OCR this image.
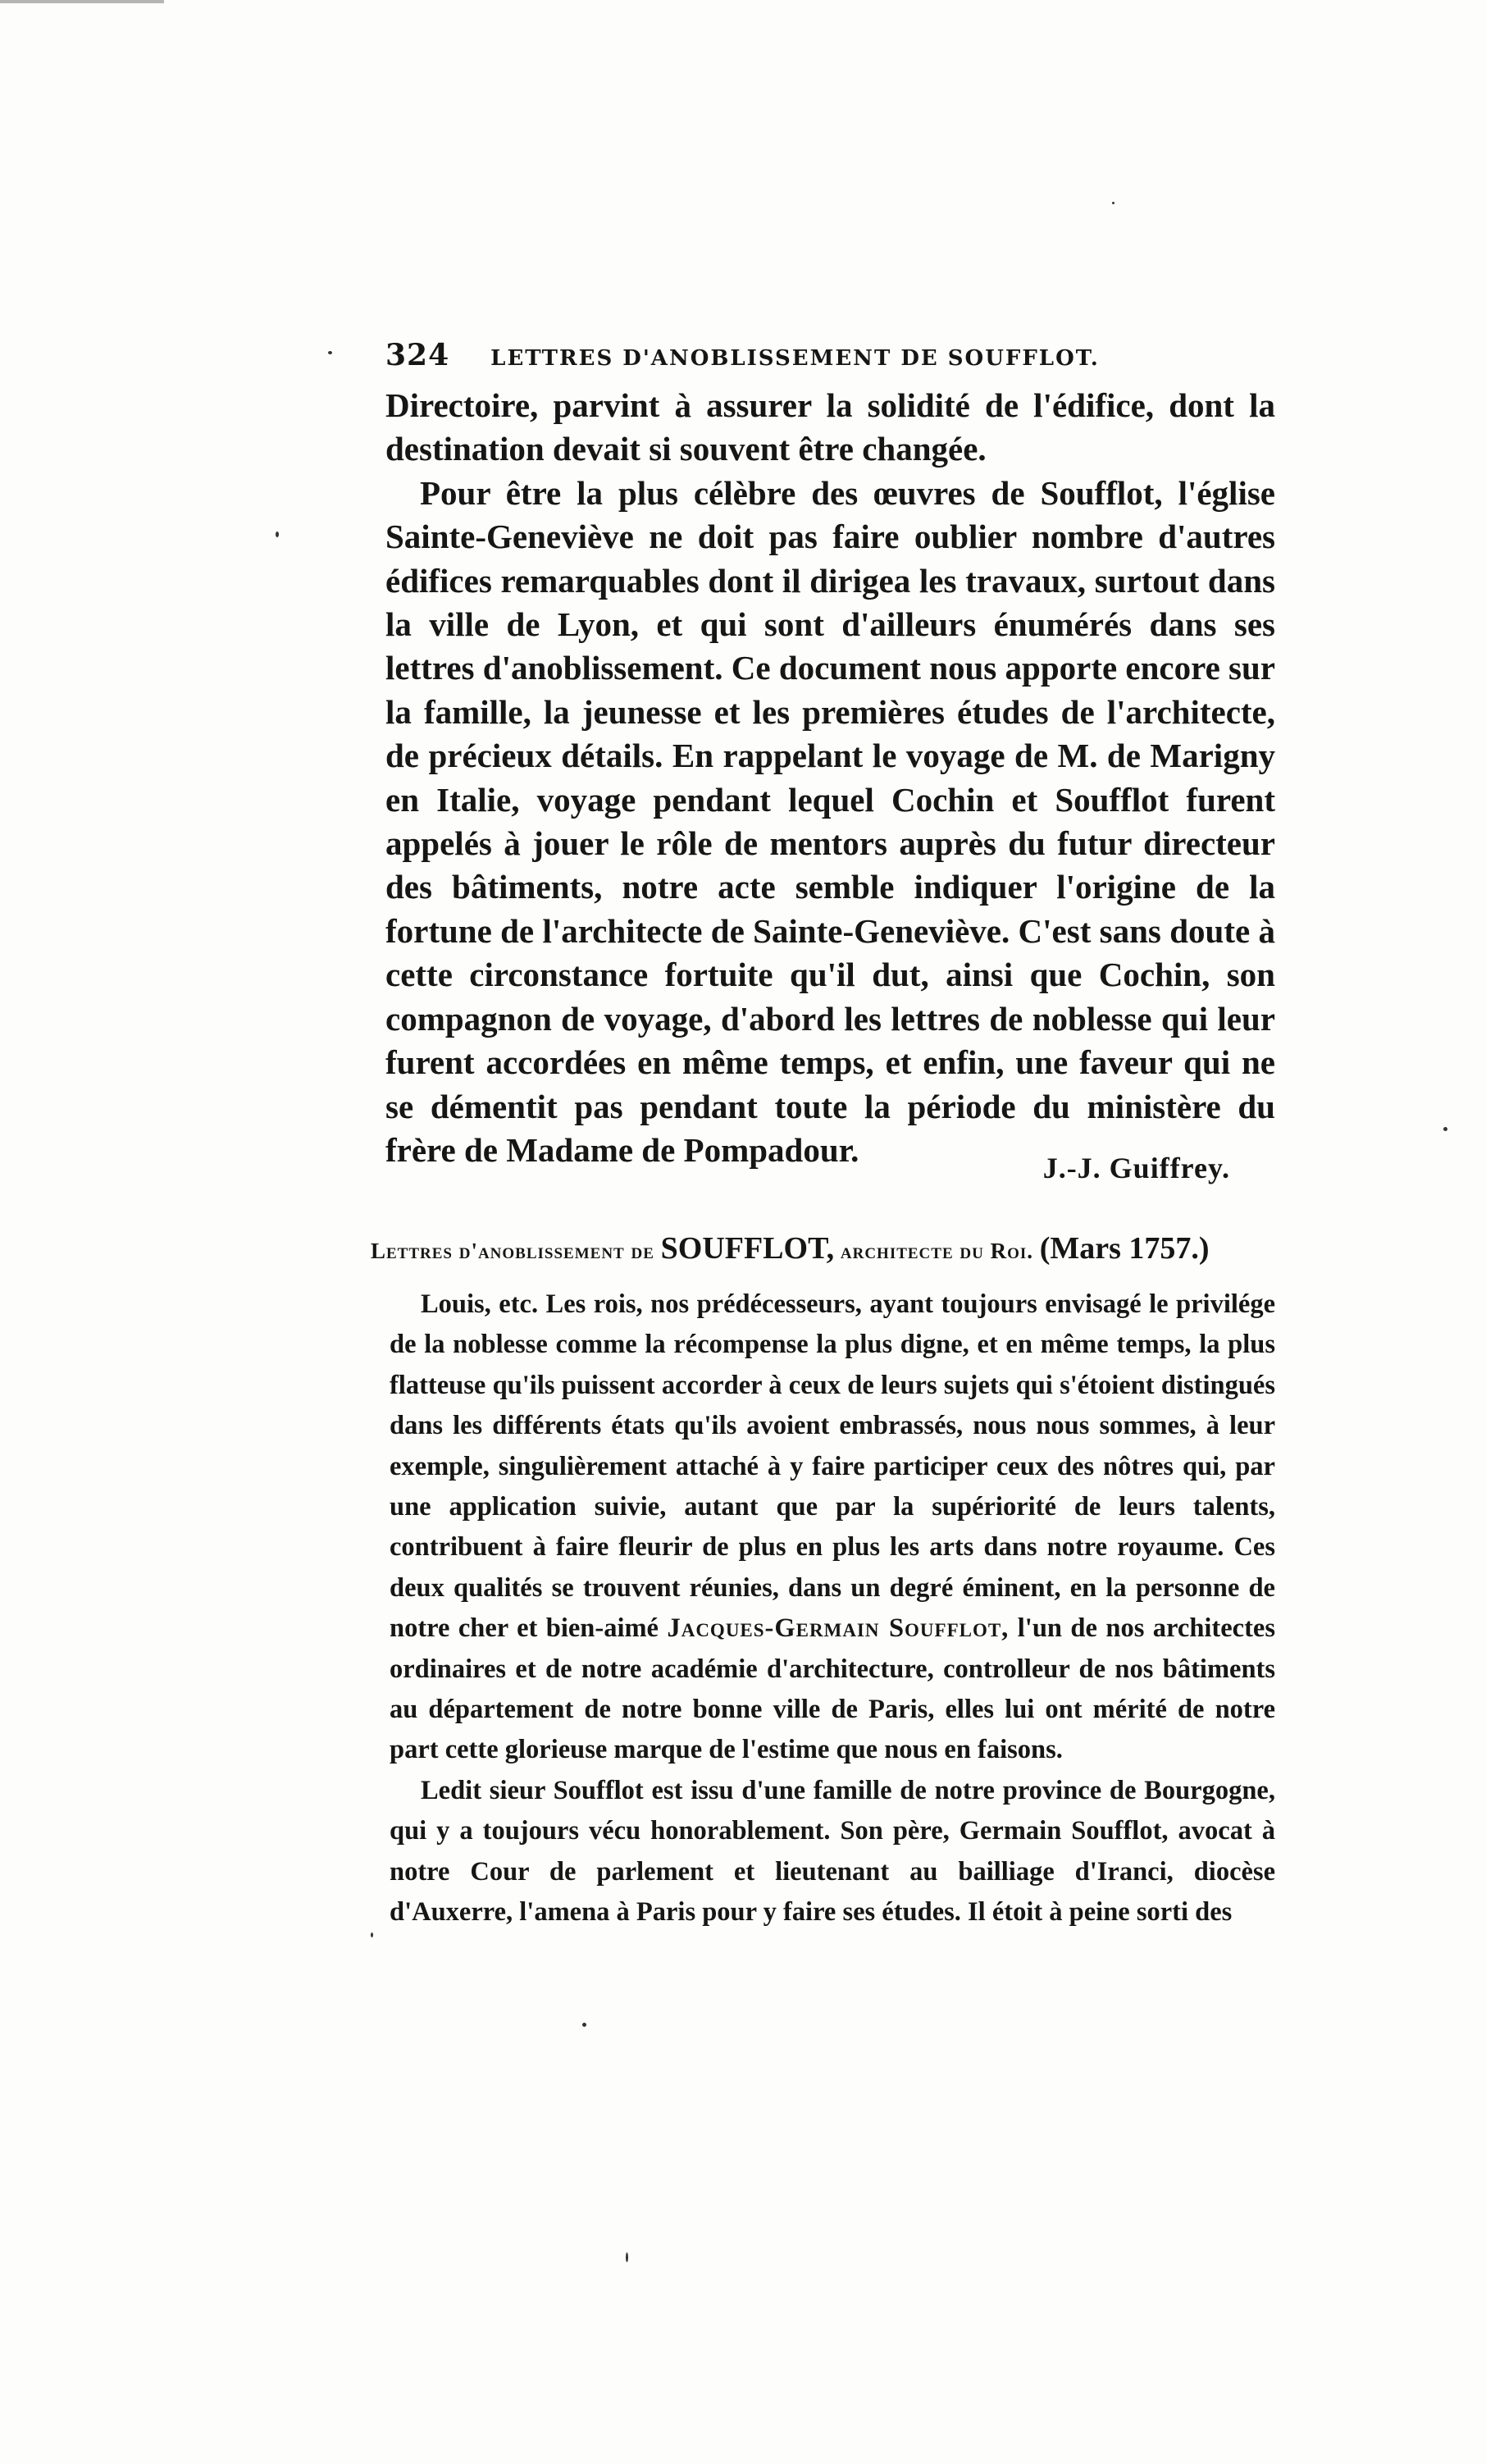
324 LETTRES D'ANOBLISSEMENT DE SOUFFLOT.

Directoire, parvint à assurer la solidité de l'édifice, dont la destination devait si souvent être changée.

Pour être la plus célèbre des œuvres de Soufflot, l'église Sainte-Geneviève ne doit pas faire oublier nombre d'autres édifices remarquables dont il dirigea les travaux, surtout dans la ville de Lyon, et qui sont d'ailleurs énumérés dans ses lettres d'anoblissement. Ce document nous apporte encore sur la famille, la jeunesse et les premières études de l'architecte, de précieux détails. En rappelant le voyage de M. de Marigny en Italie, voyage pendant lequel Cochin et Soufflot furent appelés à jouer le rôle de mentors auprès du futur directeur des bâtiments, notre acte semble indiquer l'origine de la fortune de l'architecte de Sainte-Geneviève. C'est sans doute à cette circonstance fortuite qu'il dut, ainsi que Cochin, son compagnon de voyage, d'abord les lettres de noblesse qui leur furent accordées en même temps, et enfin, une faveur qui ne se démentit pas pendant toute la période du ministère du frère de Madame de Pompadour.	J.-J. Guiffrey.
Lettres d'anoblissement de SOUFFLOT, architecte du Roi. (Mars 1757.)

Louis, etc. Les rois, nos prédécesseurs, ayant toujours envisagé le privilége de la noblesse comme la récompense la plus digne, et en même temps, la plus flatteuse qu'ils puissent accorder à ceux de leurs sujets qui s'étoient distingués dans les différents états qu'ils avoient embrassés, nous nous sommes, à leur exemple, singulièrement attaché à y faire participer ceux des nôtres qui, par une application suivie, autant que par la supériorité de leurs talents, contribuent à faire fleurir de plus en plus les arts dans notre royaume. Ces deux qualités se trouvent réunies, dans un degré éminent, en la personne de notre cher et bien-aimé Jacques-Germain Soufflot, l'un de nos architectes ordinaires et de notre académie d'architecture, controlleur de nos bâtiments au département de notre bonne ville de Paris, elles lui ont mérité de notre part cette glorieuse marque de l'estime que nous en faisons.

Ledit sieur Soufflot est issu d'une famille de notre province de Bourgogne, qui y a toujours vécu honorablement. Son père, Germain Soufflot, avocat à notre Cour de parlement et lieutenant au bailliage d'Iranci, diocèse d'Auxerre, l'amena à Paris pour y faire ses études. Il étoit à peine sorti des
